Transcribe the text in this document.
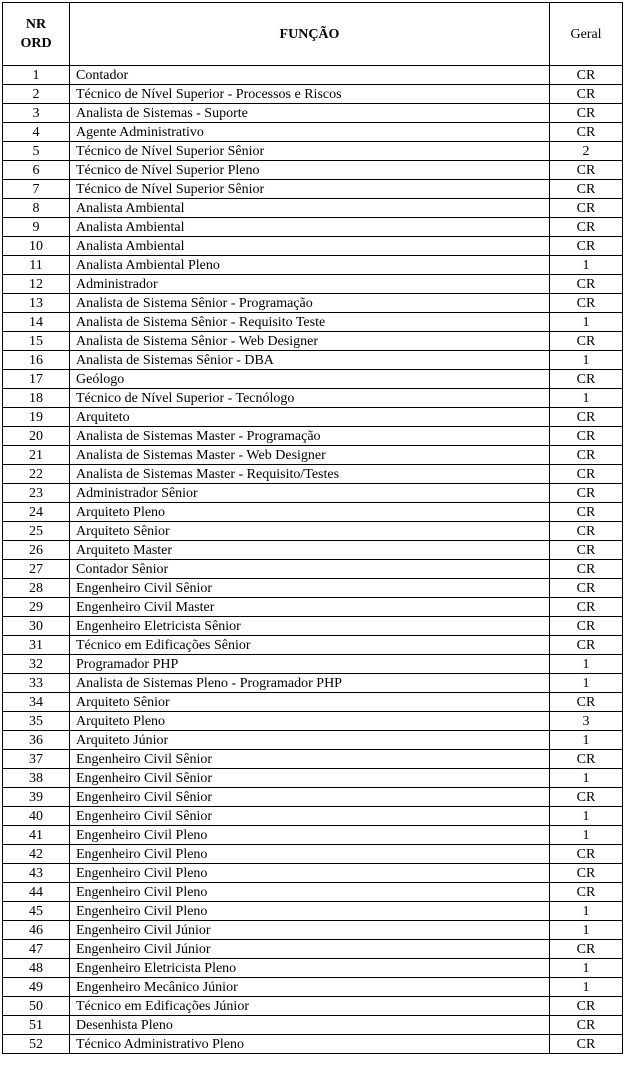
NR
ORD	FUNÇÃO	Geral
1	Contador	CR
2	Técnico de Nível Superior - Processos e Riscos	CR
3	Analista de Sistemas - Suporte	CR
4	Agente Administrativo	CR
5	Técnico de Nível Superior Sênior	2
6	Técnico de Nível Superior Pleno	CR
7	Técnico de Nível Superior Sênior	CR
8	Analista Ambiental	CR
9	Analista Ambiental	CR
10	Analista Ambiental	CR
11	Analista Ambiental Pleno	1
12	Administrador	CR
13	Analista de Sistema Sênior - Programação	CR
14	Analista de Sistema Sênior - Requisito Teste	1
15	Analista de Sistema Sênior - Web Designer	CR
16	Analista de Sistemas Sênior - DBA	1
17	Geólogo	CR
18	Técnico de Nível Superior - Tecnólogo	1
19	Arquiteto	CR
20	Analista de Sistemas Master - Programação	CR
21	Analista de Sistemas Master - Web Designer	CR
22	Analista de Sistemas Master - Requisito/Testes	CR
23	Administrador Sênior	CR
24	Arquiteto Pleno	CR
25	Arquiteto Sênior	CR
26	Arquiteto Master	CR
27	Contador Sênior	CR
28	Engenheiro Civil Sênior	CR
29	Engenheiro Civil Master	CR
30	Engenheiro Eletricista Sênior	CR
31	Técnico em Edificações Sênior	CR
32	Programador PHP	1
33	Analista de Sistemas Pleno - Programador PHP	1
34	Arquiteto Sênior	CR
35	Arquiteto Pleno	3
36	Arquiteto Júnior	1
37	Engenheiro Civil Sênior	CR
38	Engenheiro Civil Sênior	1
39	Engenheiro Civil Sênior	CR
40	Engenheiro Civil Sênior	1
41	Engenheiro Civil Pleno	1
42	Engenheiro Civil Pleno	CR
43	Engenheiro Civil Pleno	CR
44	Engenheiro Civil Pleno	CR
45	Engenheiro Civil Pleno	1
46	Engenheiro Civil Júnior	1
47	Engenheiro Civil Júnior	CR
48	Engenheiro Eletricista Pleno	1
49	Engenheiro Mecânico Júnior	1
50	Técnico em Edificações Júnior	CR
51	Desenhista Pleno	CR
52	Técnico Administrativo Pleno	CR
